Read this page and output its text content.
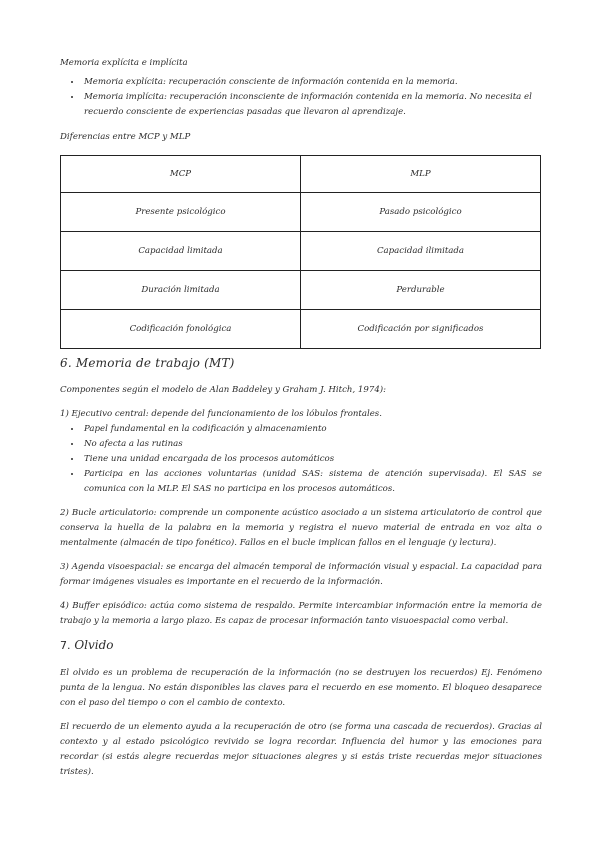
Memoria explícita e implícita

• Memoria explícita: recuperación consciente de información contenida en la memoria.
• Memoria implícita: recuperación inconsciente de información contenida en la memoria. No necesita el recuerdo consciente de experiencias pasadas que llevaron al aprendizaje.

Diferencias entre MCP y MLP

MCP	MLP
Presente psicológico	Pasado psicológico
Capacidad limitada	Capacidad ilimitada
Duración limitada	Perdurable
Codificación fonológica	Codificación por significados

6. Memoria de trabajo (MT)

Componentes según el modelo de Alan Baddeley y Graham J. Hitch, 1974):

1) Ejecutivo central: depende del funcionamiento de los lóbulos frontales.

• Papel fundamental en la codificación y almacenamiento
• No afecta a las rutinas
• Tiene una unidad encargada de los procesos automáticos
• Participa en las acciones voluntarias (unidad SAS: sistema de atención supervisada). El SAS se comunica con la MLP. El SAS no participa en los procesos automáticos.

2) Bucle articulatorio: comprende un componente acústico asociado a un sistema articulatorio de control que conserva la huella de la palabra en la memoria y registra el nuevo material de entrada en voz alta o mentalmente (almacén de tipo fonético). Fallos en el bucle implican fallos en el lenguaje (y lectura).

3) Agenda visoespacial: se encarga del almacén temporal de información visual y espacial. La capacidad para formar imágenes visuales es importante en el recuerdo de la información.

4) Buffer episódico: actúa como sistema de respaldo. Permite intercambiar información entre la memoria de trabajo y la memoria a largo plazo. Es capaz de procesar información tanto visuoespacial como verbal.

7. Olvido

El olvido es un problema de recuperación de la información (no se destruyen los recuerdos) Ej. Fenómeno punta de la lengua. No están disponibles las claves para el recuerdo en ese momento. El bloqueo desaparece con el paso del tiempo o con el cambio de contexto.

El recuerdo de un elemento ayuda a la recuperación de otro (se forma una cascada de recuerdos). Gracias al contexto y al estado psicológico revivido se logra recordar. Influencia del humor y las emociones para recordar (si estás alegre recuerdas mejor situaciones alegres y si estás triste recuerdas mejor situaciones tristes).
